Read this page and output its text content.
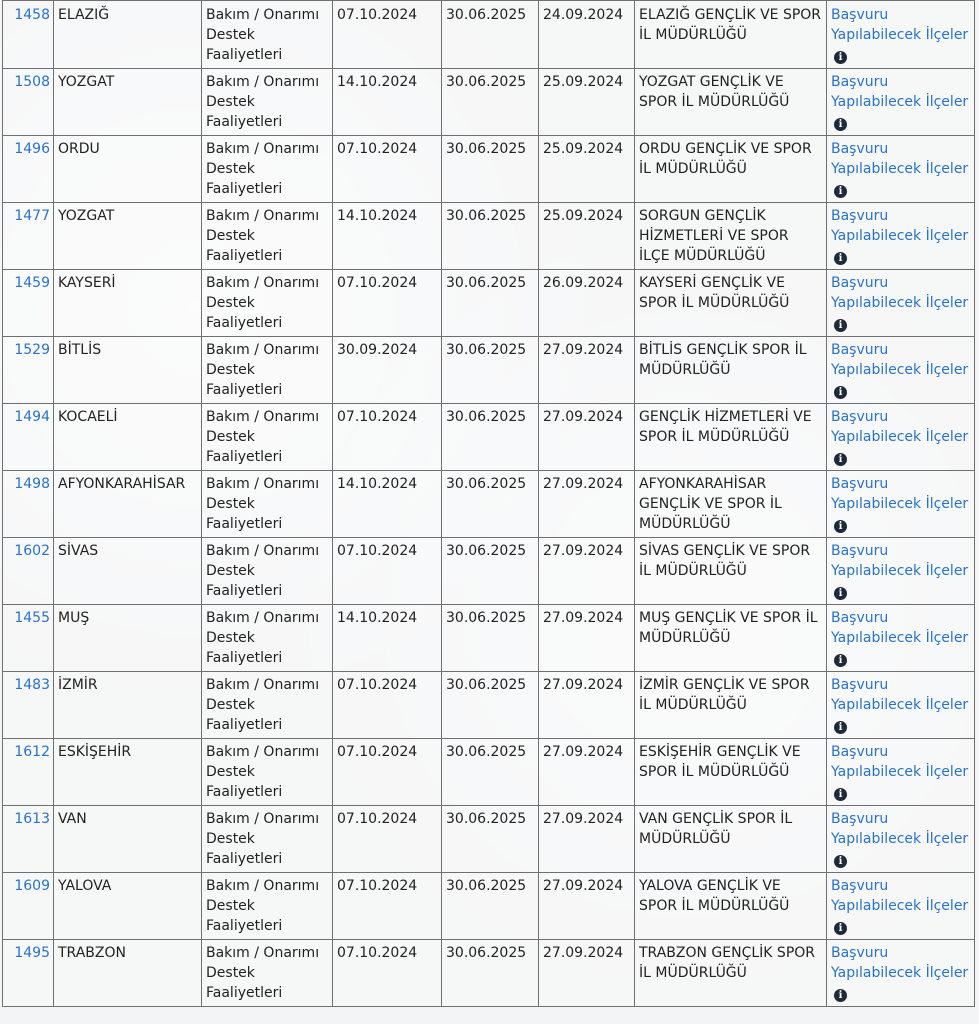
1458	ELAZIĞ	Bakım / Onarımı Destek Faaliyetleri	07.10.2024	30.06.2025	24.09.2024	ELAZIĞ GENÇLİK VE SPOR İL MÜDÜRLÜĞÜ	Başvuru Yapılabilecek İlçeleri
1508	YOZGAT	Bakım / Onarımı Destek Faaliyetleri	14.10.2024	30.06.2025	25.09.2024	YOZGAT GENÇLİK VE SPOR İL MÜDÜRLÜĞÜ	Başvuru Yapılabilecek İlçeleri
1496	ORDU	Bakım / Onarımı Destek Faaliyetleri	07.10.2024	30.06.2025	25.09.2024	ORDU GENÇLİK VE SPOR İL MÜDÜRLÜĞÜ	Başvuru Yapılabilecek İlçeleri
1477	YOZGAT	Bakım / Onarımı Destek Faaliyetleri	14.10.2024	30.06.2025	25.09.2024	SORGUN GENÇLİK HİZMETLERİ VE SPOR İLÇE MÜDÜRLÜĞÜ	Başvuru Yapılabilecek İlçeleri
1459	KAYSERİ	Bakım / Onarımı Destek Faaliyetleri	07.10.2024	30.06.2025	26.09.2024	KAYSERİ GENÇLİK VE SPOR İL MÜDÜRLÜĞÜ	Başvuru Yapılabilecek İlçeleri
1529	BİTLİS	Bakım / Onarımı Destek Faaliyetleri	30.09.2024	30.06.2025	27.09.2024	BİTLİS GENÇLİK SPOR İL MÜDÜRLÜĞÜ	Başvuru Yapılabilecek İlçeleri
1494	KOCAELİ	Bakım / Onarımı Destek Faaliyetleri	07.10.2024	30.06.2025	27.09.2024	GENÇLİK HİZMETLERİ VE SPOR İL MÜDÜRLÜĞÜ	Başvuru Yapılabilecek İlçeleri
1498	AFYONKARAHİSAR	Bakım / Onarımı Destek Faaliyetleri	14.10.2024	30.06.2025	27.09.2024	AFYONKARAHİSAR GENÇLİK VE SPOR İL MÜDÜRLÜĞÜ	Başvuru Yapılabilecek İlçeleri
1602	SİVAS	Bakım / Onarımı Destek Faaliyetleri	07.10.2024	30.06.2025	27.09.2024	SİVAS GENÇLİK VE SPOR İL MÜDÜRLÜĞÜ	Başvuru Yapılabilecek İlçeleri
1455	MUŞ	Bakım / Onarımı Destek Faaliyetleri	14.10.2024	30.06.2025	27.09.2024	MUŞ GENÇLİK VE SPOR İL MÜDÜRLÜĞÜ	Başvuru Yapılabilecek İlçeleri
1483	İZMİR	Bakım / Onarımı Destek Faaliyetleri	07.10.2024	30.06.2025	27.09.2024	İZMİR GENÇLİK VE SPOR İL MÜDÜRLÜĞÜ	Başvuru Yapılabilecek İlçeleri
1612	ESKİŞEHİR	Bakım / Onarımı Destek Faaliyetleri	07.10.2024	30.06.2025	27.09.2024	ESKİŞEHİR GENÇLİK VE SPOR İL MÜDÜRLÜĞÜ	Başvuru Yapılabilecek İlçeleri
1613	VAN	Bakım / Onarımı Destek Faaliyetleri	07.10.2024	30.06.2025	27.09.2024	VAN GENÇLİK SPOR İL MÜDÜRLÜĞÜ	Başvuru Yapılabilecek İlçeleri
1609	YALOVA	Bakım / Onarımı Destek Faaliyetleri	07.10.2024	30.06.2025	27.09.2024	YALOVA GENÇLİK VE SPOR İL MÜDÜRLÜĞÜ	Başvuru Yapılabilecek İlçeleri
1495	TRABZON	Bakım / Onarımı Destek Faaliyetleri	07.10.2024	30.06.2025	27.09.2024	TRABZON GENÇLİK SPOR İL MÜDÜRLÜĞÜ	Başvuru Yapılabilecek İlçeleri
